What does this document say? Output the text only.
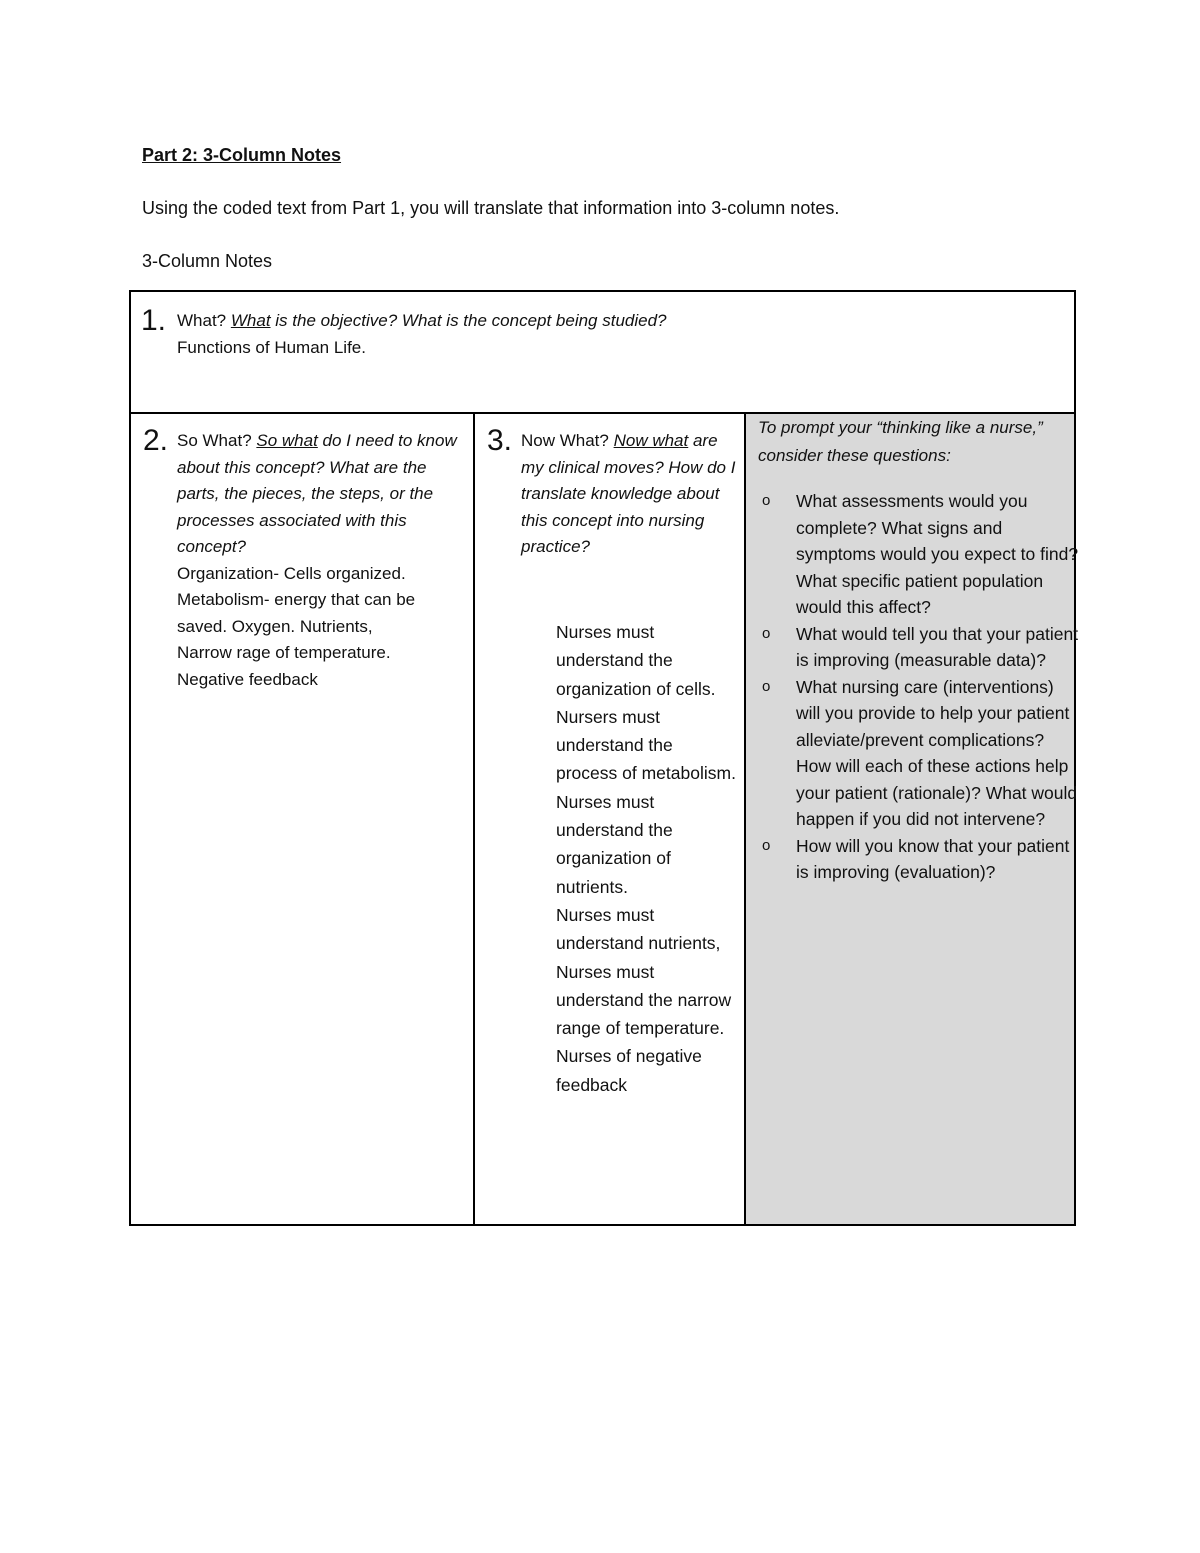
Part 2: 3-Column Notes
Using the coded text from Part 1, you will translate that information into 3-column notes.
3-Column Notes
1. What? What is the objective? What is the concept being studied?
Functions of Human Life.
2. So What? So what do I need to know about this concept? What are the parts, the pieces, the steps, or the processes associated with this concept?
Organization- Cells organized.
Metabolism- energy that can be saved. Oxygen. Nutrients,
Narrow rage of temperature.
Negative feedback
3. Now What? Now what are my clinical moves? How do I translate knowledge about this concept into nursing practice?
Nurses must understand the organization of cells.
Nursers must understand the process of metabolism.
Nurses must understand the organization of nutrients.
Nurses must understand nutrients,
Nurses must understand the narrow range of temperature.
Nurses of negative feedback
To prompt your “thinking like a nurse,” consider these questions:
o What assessments would you complete? What signs and symptoms would you expect to find? What specific patient population would this affect?
o What would tell you that your patient is improving (measurable data)?
o What nursing care (interventions) will you provide to help your patient alleviate/prevent complications? How will each of these actions help your patient (rationale)? What would happen if you did not intervene?
o How will you know that your patient is improving (evaluation)?
